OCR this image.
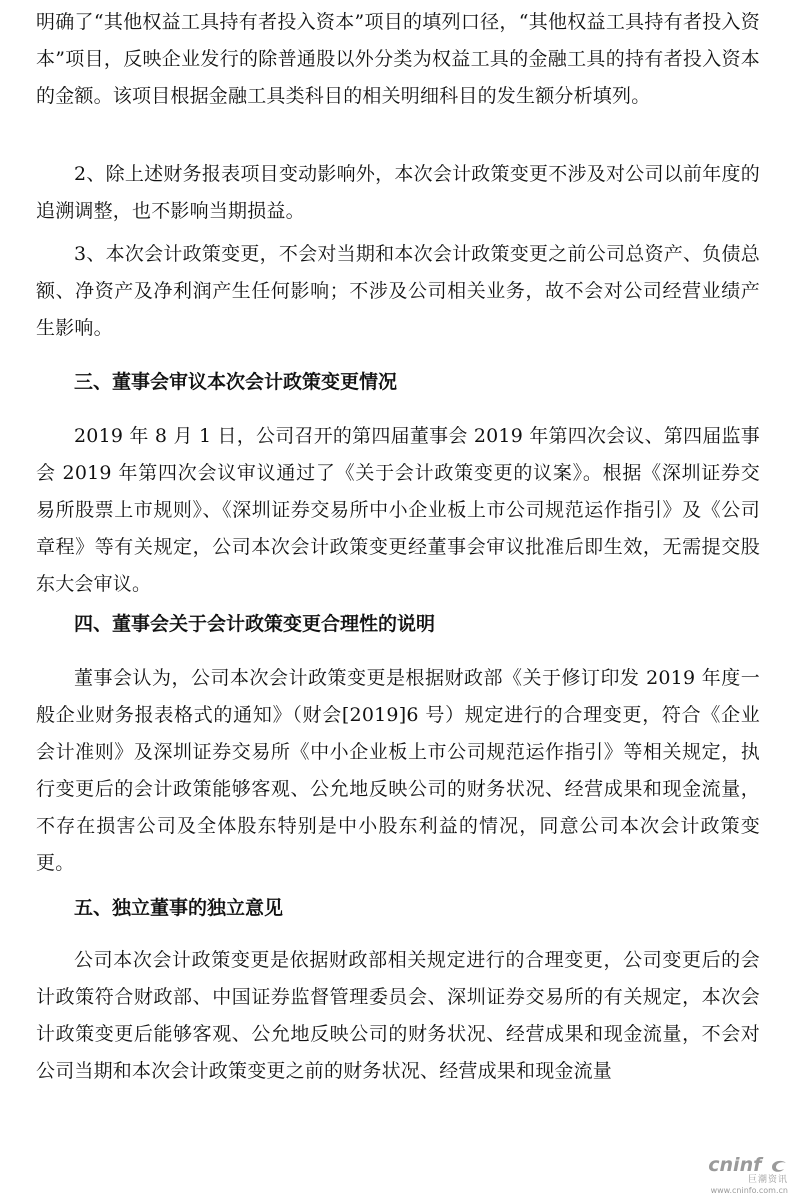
明确了“其他权益工具持有者投入资本”项目的填列口径，“其他权益工具持有者投入资本”项目，反映企业发行的除普通股以外分类为权益工具的金融工具的持有者投入资本的金额。该项目根据金融工具类科目的相关明细科目的发生额分析填列。

2、除上述财务报表项目变动影响外，本次会计政策变更不涉及对公司以前年度的追溯调整，也不影响当期损益。

3、本次会计政策变更，不会对当期和本次会计政策变更之前公司总资产、负债总额、净资产及净利润产生任何影响；不涉及公司相关业务，故不会对公司经营业绩产生影响。

三、董事会审议本次会计政策变更情况

2019 年 8 月 1 日，公司召开的第四届董事会 2019 年第四次会议、第四届监事会 2019 年第四次会议审议通过了《关于会计政策变更的议案》。根据《深圳证券交易所股票上市规则》、《深圳证券交易所中小企业板上市公司规范运作指引》及《公司章程》等有关规定，公司本次会计政策变更经董事会审议批准后即生效，无需提交股东大会审议。

四、董事会关于会计政策变更合理性的说明

董事会认为，公司本次会计政策变更是根据财政部《关于修订印发 2019 年度一般企业财务报表格式的通知》（财会[2019]6 号）规定进行的合理变更，符合《企业会计准则》及深圳证券交易所《中小企业板上市公司规范运作指引》等相关规定，执行变更后的会计政策能够客观、公允地反映公司的财务状况、经营成果和现金流量，不存在损害公司及全体股东特别是中小股东利益的情况，同意公司本次会计政策变更。

五、独立董事的独立意见

公司本次会计政策变更是依据财政部相关规定进行的合理变更，公司变更后的会计政策符合财政部、中国证券监督管理委员会、深圳证券交易所的有关规定，本次会计政策变更后能够客观、公允地反映公司的财务状况、经营成果和现金流量，不会对公司当期和本次会计政策变更之前的财务状况、经营成果和现金流量

cninf
巨潮资讯
www.cninfo.com.cn
